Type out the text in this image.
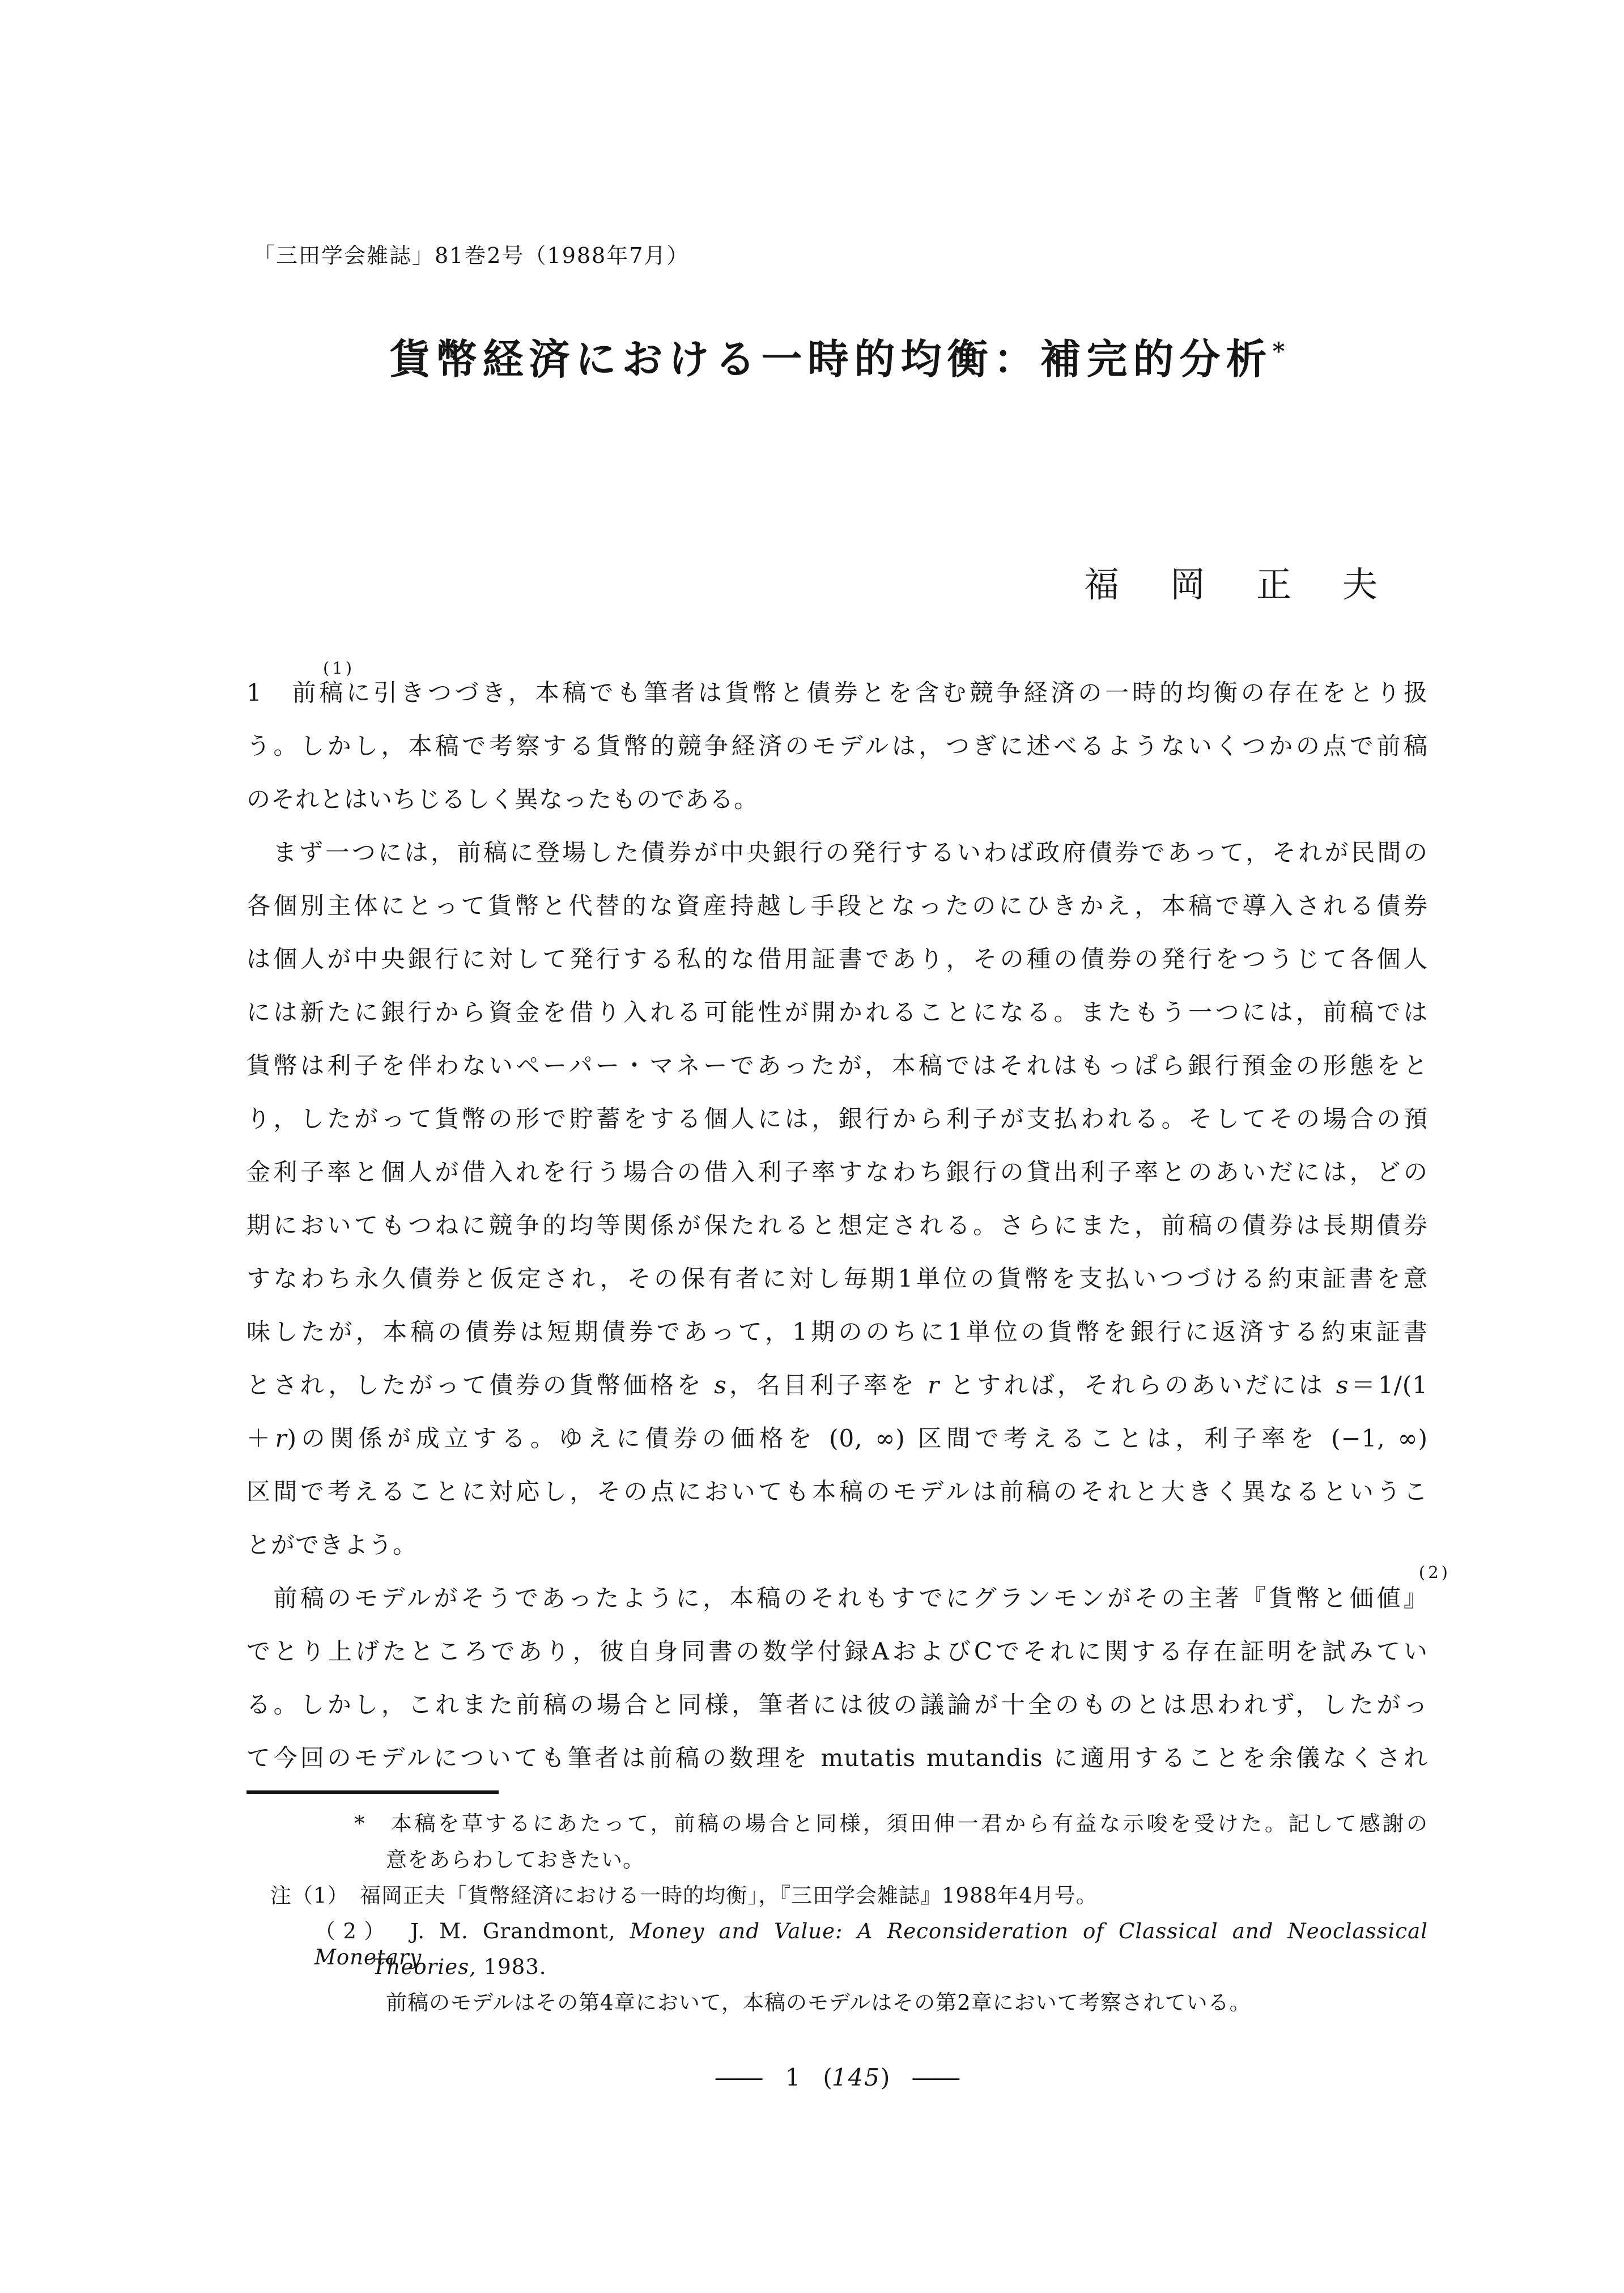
「三田学会雑誌」81巻2号（1988年7月）
貨幣経済における一時的均衡：補完的分析*
福　岡　正　夫
(1)
1　前稿に引きつづき，本稿でも筆者は貨幣と債券とを含む競争経済の一時的均衡の存在をとり扱
う。しかし，本稿で考察する貨幣的競争経済のモデルは，つぎに述べるようないくつかの点で前稿
のそれとはいちじるしく異なったものである。
　まず一つには，前稿に登場した債券が中央銀行の発行するいわば政府債券であって，それが民間の
各個別主体にとって貨幣と代替的な資産持越し手段となったのにひきかえ，本稿で導入される債券
は個人が中央銀行に対して発行する私的な借用証書であり，その種の債券の発行をつうじて各個人
には新たに銀行から資金を借り入れる可能性が開かれることになる。またもう一つには，前稿では
貨幣は利子を伴わないペーパー・マネーであったが，本稿ではそれはもっぱら銀行預金の形態をと
り，したがって貨幣の形で貯蓄をする個人には，銀行から利子が支払われる。そしてその場合の預
金利子率と個人が借入れを行う場合の借入利子率すなわち銀行の貸出利子率とのあいだには，どの
期においてもつねに競争的均等関係が保たれると想定される。さらにまた，前稿の債券は長期債券
すなわち永久債券と仮定され，その保有者に対し毎期1単位の貨幣を支払いつづける約束証書を意
味したが，本稿の債券は短期債券であって，1期ののちに1単位の貨幣を銀行に返済する約束証書
とされ，したがって債券の貨幣価格を s，名目利子率を r とすれば，それらのあいだには s＝1/(1
＋r)の関係が成立する。ゆえに債券の価格を (0, ∞) 区間で考えることは，利子率を (−1, ∞)
区間で考えることに対応し，その点においても本稿のモデルは前稿のそれと大きく異なるというこ
とができよう。
　前稿のモデルがそうであったように，本稿のそれもすでにグランモンがその主著『貨幣と価値』
(2)
でとり上げたところであり，彼自身同書の数学付録AおよびCでそれに関する存在証明を試みてい
る。しかし，これまた前稿の場合と同様，筆者には彼の議論が十全のものとは思われず，したがっ
て今回のモデルについても筆者は前稿の数理を mutatis mutandis に適用することを余儀なくされ
*　本稿を草するにあたって，前稿の場合と同様，須田伸一君から有益な示唆を受けた。記して感謝の
意をあらわしておきたい。
注（1）　福岡正夫「貨幣経済における一時的均衡」，『三田学会雑誌』1988年4月号。
（2）　J. M. Grandmont, Money and Value: A Reconsideration of Classical and Neoclassical Monetary
Theories, 1983.
前稿のモデルはその第4章において，本稿のモデルはその第2章において考察されている。
――　1　(145)　――
